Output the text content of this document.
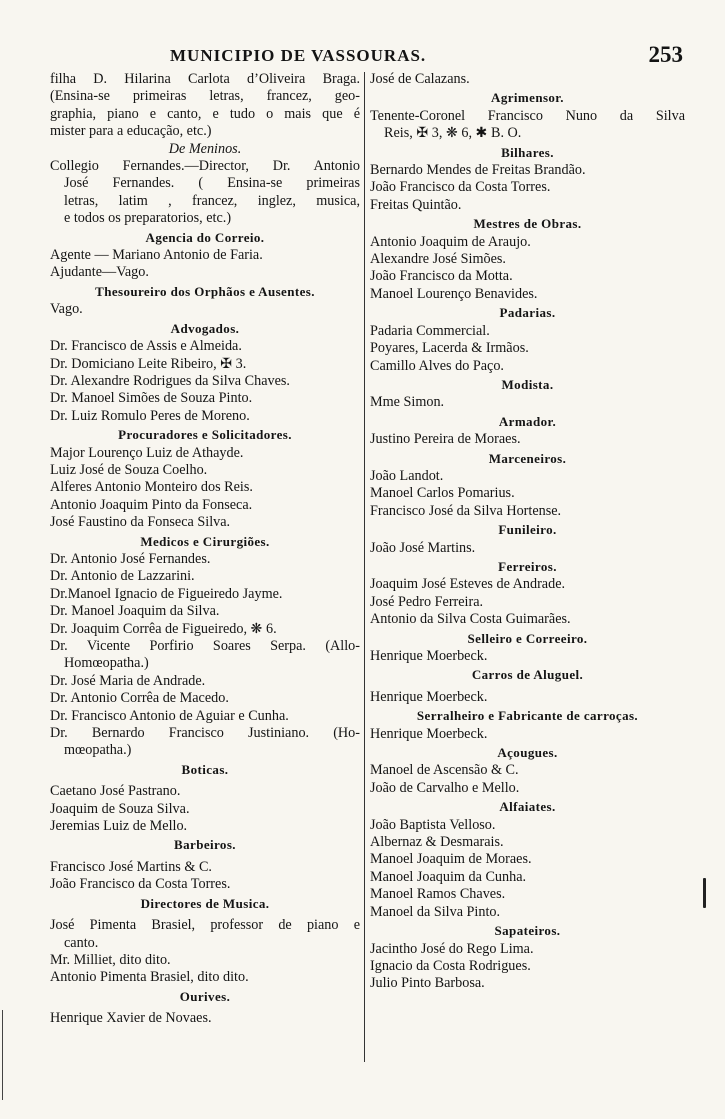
MUNICIPIO DE VASSOURAS.	253
filha D. Hilarina Carlota d’Oliveira Braga.
(Ensina-se primeiras letras, francez, geo-
graphia, piano e canto, e tudo o mais que é
mister para a educação, etc.)
De Meninos.
Collegio Fernandes.—Director, Dr. Antonio
José Fernandes. ( Ensina-se primeiras
letras, latim , francez, inglez, musica,
e todos os preparatorios, etc.)
Agencia do Correio.
Agente — Mariano Antonio de Faria.
Ajudante—Vago.
Thesoureiro dos Orphãos e Ausentes.
Vago.
Advogados.
Dr. Francisco de Assis e Almeida.
Dr. Domiciano Leite Ribeiro, ✠ 3.
Dr. Alexandre Rodrigues da Silva Chaves.
Dr. Manoel Simões de Souza Pinto.
Dr. Luiz Romulo Peres de Moreno.
Procuradores e Solicitadores.
Major Lourenço Luiz de Athayde.
Luiz José de Souza Coelho.
Alferes Antonio Monteiro dos Reis.
Antonio Joaquim Pinto da Fonseca.
José Faustino da Fonseca Silva.
Medicos e Cirurgiões.
Dr. Antonio José Fernandes.
Dr. Antonio de Lazzarini.
Dr.Manoel Ignacio de Figueiredo Jayme.
Dr. Manoel Joaquim da Silva.
Dr. Joaquim Corrêa de Figueiredo, ❋ 6.
Dr. Vicente Porfirio Soares Serpa. (Allo-
Homœopatha.)
Dr. José Maria de Andrade.
Dr. Antonio Corrêa de Macedo.
Dr. Francisco Antonio de Aguiar e Cunha.
Dr. Bernardo Francisco Justiniano. (Ho-
mœopatha.)
Boticas.
Caetano José Pastrano.
Joaquim de Souza Silva.
Jeremias Luiz de Mello.
Barbeiros.
Francisco José Martins & C.
João Francisco da Costa Torres.
Directores de Musica.
José Pimenta Brasiel, professor de piano e
canto.
Mr. Milliet, dito dito.
Antonio Pimenta Brasiel, dito dito.
Ourives.
Henrique Xavier de Novaes.
José de Calazans.
Agrimensor.
Tenente-Coronel Francisco Nuno da Silva
Reis, ✠ 3, ❋ 6, ✱ B. O.
Bilhares.
Bernardo Mendes de Freitas Brandão.
João Francisco da Costa Torres.
Freitas Quintão.
Mestres de Obras.
Antonio Joaquim de Araujo.
Alexandre José Simões.
João Francisco da Motta.
Manoel Lourenço Benavides.
Padarias.
Padaria Commercial.
Poyares, Lacerda & Irmãos.
Camillo Alves do Paço.
Modista.
Mme Simon.
Armador.
Justino Pereira de Moraes.
Marceneiros.
João Landot.
Manoel Carlos Pomarius.
Francisco José da Silva Hortense.
Funileiro.
João José Martins.
Ferreiros.
Joaquim José Esteves de Andrade.
José Pedro Ferreira.
Antonio da Silva Costa Guimarães.
Selleiro e Correeiro.
Henrique Moerbeck.
Carros de Aluguel.
Henrique Moerbeck.
Serralheiro e Fabricante de carroças.
Henrique Moerbeck.
Açougues.
Manoel de Ascensão & C.
João de Carvalho e Mello.
Alfaiates.
João Baptista Velloso.
Albernaz & Desmarais.
Manoel Joaquim de Moraes.
Manoel Joaquim da Cunha.
Manoel Ramos Chaves.
Manoel da Silva Pinto.
Sapateiros.
Jacintho José do Rego Lima.
Ignacio da Costa Rodrigues.
Julio Pinto Barbosa.
